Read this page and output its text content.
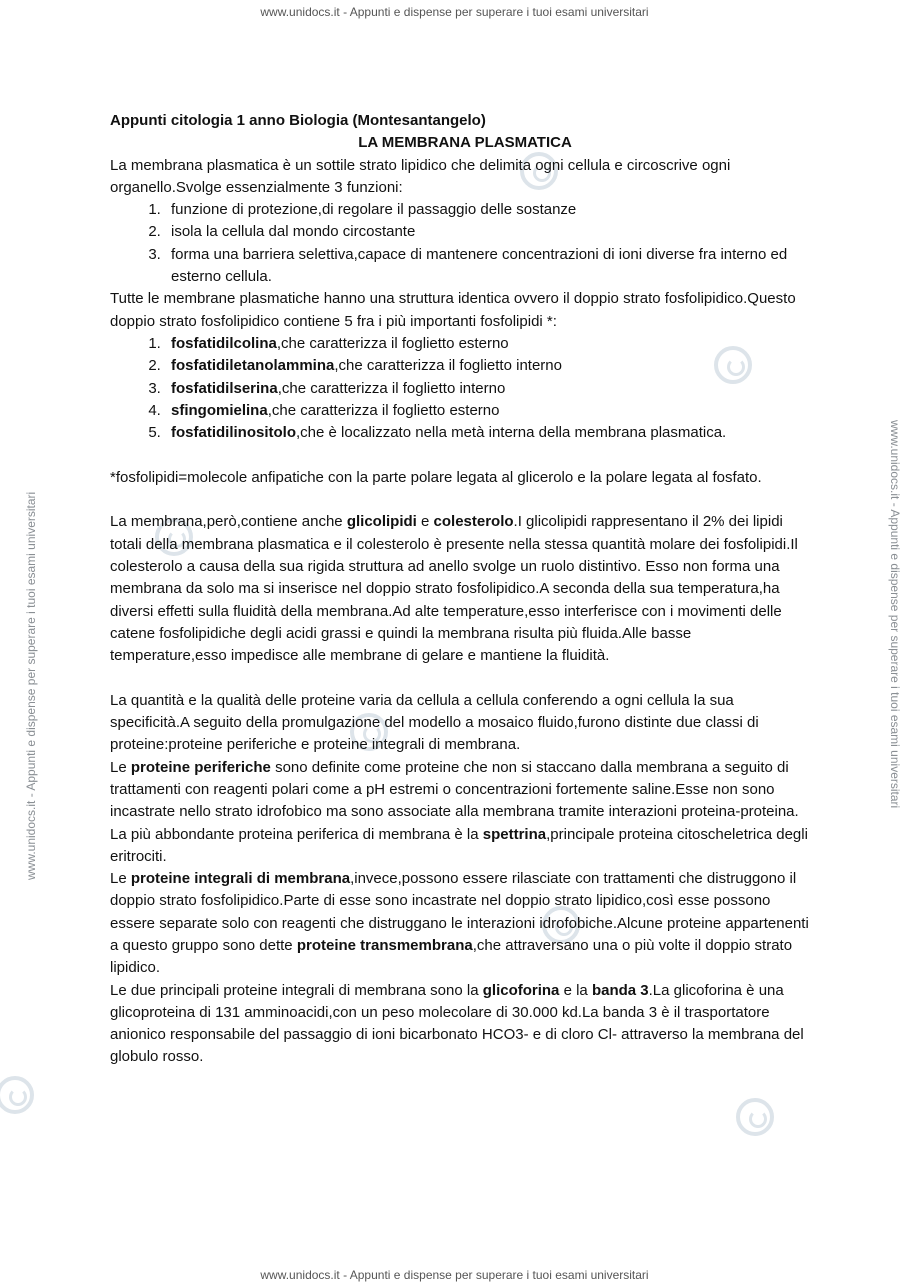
www.unidocs.it - Appunti e dispense per superare i tuoi esami universitari
www.unidocs.it - Appunti e dispense per superare i tuoi esami universitari
www.unidocs.it - Appunti e dispense per superare i tuoi esami universitari	www.unidocs.it - Appunti e dispense per superare i tuoi esami universitari

Appunti citologia 1 anno Biologia (Montesantangelo)

LA MEMBRANA PLASMATICA

La membrana plasmatica è un sottile strato lipidico che delimita ogni cellula e circoscrive ogni organello.Svolge essenzialmente 3 funzioni:

1. funzione di protezione,di regolare il passaggio delle sostanze
2. isola la cellula dal mondo circostante
3. forma una barriera selettiva,capace di mantenere concentrazioni di ioni diverse fra interno ed esterno cellula.

Tutte le membrane plasmatiche hanno una struttura identica ovvero il doppio strato fosfolipidico.Questo doppio strato fosfolipidico contiene 5 fra i più importanti fosfolipidi *:

1. fosfatidilcolina,che caratterizza il foglietto esterno
2. fosfatidiletanolammina,che caratterizza il foglietto interno
3. fosfatidilserina,che caratterizza il foglietto interno
4. sfingomielina,che caratterizza il foglietto esterno
5. fosfatidilinositolo,che è localizzato nella metà interna della membrana plasmatica.

*fosfolipidi=molecole anfipatiche con la parte polare legata al glicerolo e la polare legata al fosfato.

La membrana,però,contiene anche glicolipidi e colesterolo.I glicolipidi rappresentano il 2% dei lipidi totali della membrana plasmatica e il colesterolo è presente nella stessa quantità molare dei fosfolipidi.Il colesterolo a causa della sua rigida struttura ad anello svolge un ruolo distintivo. Esso non forma una membrana da solo ma si inserisce nel doppio strato fosfolipidico.A seconda della sua temperatura,ha diversi effetti sulla fluidità della membrana.Ad alte temperature,esso interferisce con i movimenti delle catene fosfolipidiche degli acidi grassi e quindi la membrana risulta più fluida.Alle basse temperature,esso impedisce alle membrane di gelare e mantiene la fluidità.

La quantità e la qualità delle proteine varia da cellula a cellula conferendo a ogni cellula la sua specificità.A seguito della promulgazione del modello a mosaico fluido,furono distinte due classi di proteine:proteine periferiche e proteine integrali di membrana.

Le proteine periferiche sono definite come proteine che non si staccano dalla membrana a seguito di trattamenti con reagenti polari come a pH estremi o concentrazioni fortemente saline.Esse non sono incastrate nello strato idrofobico ma sono associate alla membrana tramite interazioni proteina-proteina.

La più abbondante proteina periferica di membrana è la spettrina,principale proteina citoscheletrica degli eritrociti.

Le proteine integrali di membrana,invece,possono essere rilasciate con trattamenti che distruggono il doppio strato fosfolipidico.Parte di esse sono incastrate nel doppio strato lipidico,così esse possono essere separate solo con reagenti che distruggano le interazioni idrofobiche.Alcune proteine appartenenti a questo gruppo sono dette proteine transmembrana,che attraversano una o più volte il doppio strato lipidico.

Le due principali proteine integrali di membrana sono la glicoforina e la banda 3.La glicoforina è una glicoproteina di 131 amminoacidi,con un peso molecolare di 30.000 kd.La banda 3 è il trasportatore anionico responsabile del passaggio di ioni bicarbonato HCO3- e di cloro Cl- attraverso la membrana del globulo rosso.
